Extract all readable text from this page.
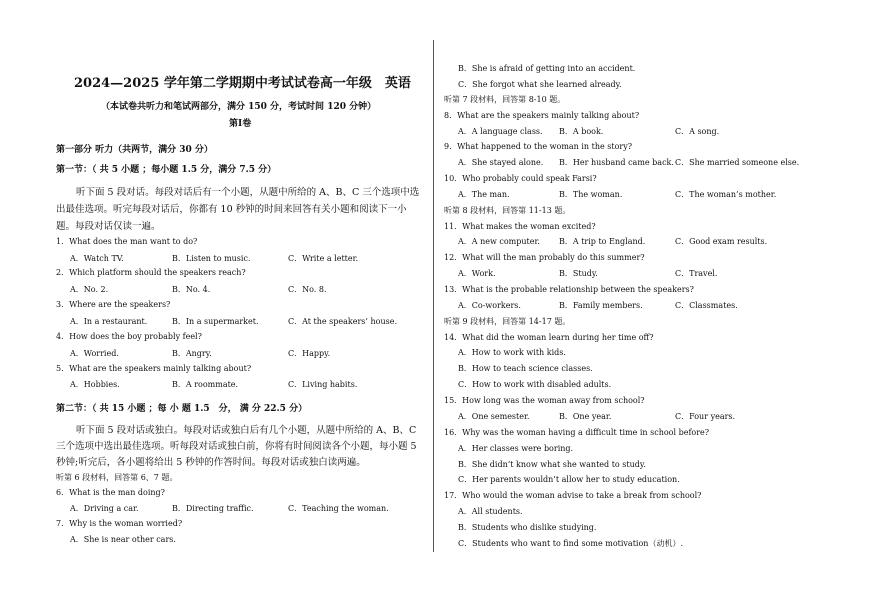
2024—2025 学年第二学期期中考试试卷高一年级　英语
（本试卷共听力和笔试两部分，满分 150 分，考试时间 120 分钟）
第Ⅰ卷
第一部分 听力（共两节，满分 30 分）
第一节：（ 共 5 小题 ；每小题 1.5 分，满分 7.5 分）
听下面 5 段对话。每段对话后有一个小题，从题中所给的 A、B、C 三个选项中选
出最佳选项。听完每段对话后，你都有 10 秒钟的时间来回答有关小题和阅读下一小
题。每段对话仅读一遍。
1．What does the man want to do?
A．Watch TV.	B．Listen to music.	C．Write a letter.
2．Which platform should the speakers reach?
A．No. 2.	B．No. 4.	C．No. 8.
3．Where are the speakers?
A．In a restaurant.	B．In a supermarket.	C．At the speakers’ house.
4．How does the boy probably feel?
A．Worried.	B．Angry.	C．Happy.
5．What are the speakers mainly talking about?
A．Hobbies.	B．A roommate.	C．Living habits.
第二节：（ 共 15 小题 ；每 小 题 1.5　分， 满 分 22.5 分）
听下面 5 段对话或独白。每段对话或独白后有几个小题，从题中所给的 A、B、C
三个选项中选出最佳选项。听每段对话或独白前，你将有时间阅读各个小题，每小题 5
秒钟;听完后，各小题将给出 5 秒钟的作答时间。每段对话或独白读两遍。
听第 6 段材料，回答第 6、7 题。
6．What is the man doing?
A．Driving a car.	B．Directing traffic.	C．Teaching the woman.
7．Why is the woman worried?
A．She is near other cars.
B．She is afraid of getting into an accident.
C．She forgot what she learned already.
听第 7 段材料，回答第 8-10 题。
8．What are the speakers mainly talking about?
A．A language class. B．A book.	C．A song.
9．What happened to the woman in the story?
A．She stayed alone. B．Her husband came back. C．She married someone else.
10．Who probably could speak Farsi?
A．The man.	B．The woman.	C．The woman’s mother.
听第 8 段材料，回答第 11-13 题。
11．What makes the woman excited?
A．A new computer. B．A trip to England.	C．Good exam results.
12．What will the man probably do this summer?
A．Work.	B．Study.	C．Travel.
13．What is the probable relationship between the speakers?
A．Co-workers.	B．Family members.	C．Classmates.
听第 9 段材料，回答第 14-17 题。
14．What did the woman learn during her time off?
A．How to work with kids.
B．How to teach science classes.
C．How to work with disabled adults.
15．How long was the woman away from school?
A．One semester.	B．One year.	C．Four years.
16．Why was the woman having a difficult time in school before?
A．Her classes were boring.
B．She didn’t know what she wanted to study.
C．Her parents wouldn’t allow her to study education.
17．Who would the woman advise to take a break from school?
A．All students.
B．Students who dislike studying.
C．Students who want to find some motivation（动机）.
